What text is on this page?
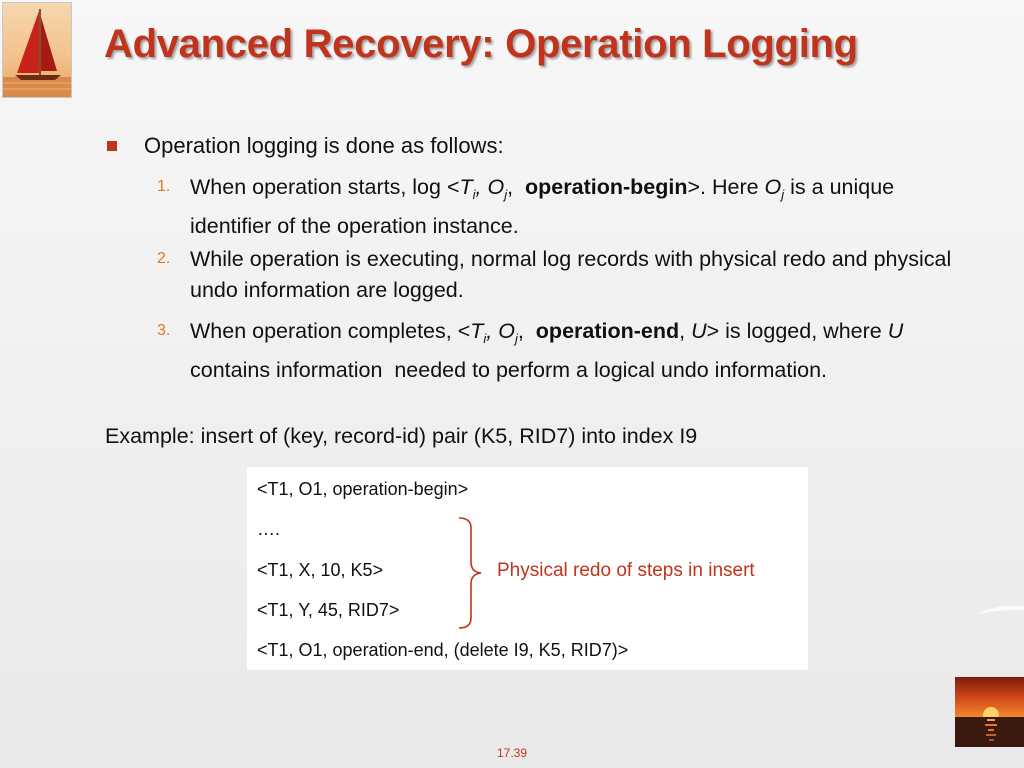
Advanced Recovery: Operation Logging
Operation logging is done as follows:
1. When operation starts, $\log <T_i$, $O_j$,  operation-begin>. Here $O_j$ is a unique identifier of the operation instance.
2. While operation is executing, normal log records with physical redo and physical undo information are logged.
3. When operation completes, $<T_i$, $O_j$,  operation-end, U> is logged, where U contains information  needed to perform a logical undo information.
Example: insert of (key, record-id) pair (K5, RID7) into index I9
<T1, O1, operation-begin>
….
<T1, X, 10, K5>
<T1, Y, 45, RID7>
<T1, O1, operation-end, (delete I9, K5, RID7)>
Physical redo of steps in insert
17.39
